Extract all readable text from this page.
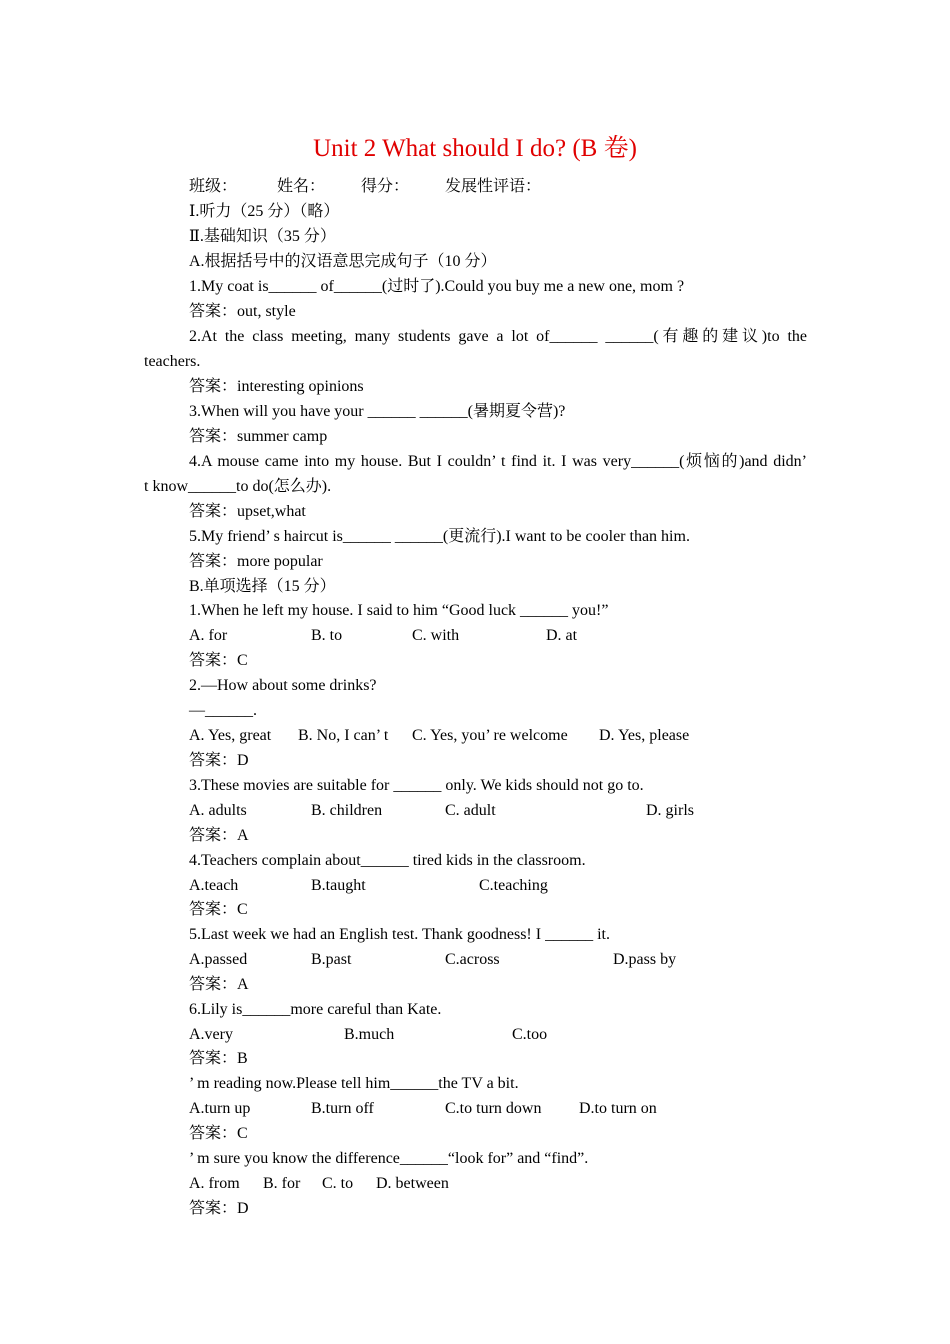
Unit 2 What should I do? (B 卷)
班级： 姓名： 得分： 发展性评语：
Ⅰ.听力（25 分）（略）
Ⅱ.基础知识（35 分）
A.根据括号中的汉语意思完成句子（10 分）
1.My coat is______ of______(过时了).Could you buy me a new one, mom ?
答案：out, style
2.At the class meeting, many students gave a lot of______ ______(有趣的建议)to the
teachers.
答案：interesting opinions
3.When will you have your ______ ______(暑期夏令营)?
答案：summer camp
4.A mouse came into my house. But I couldn’ t find it. I was very______(烦恼的)and didn’
t know______to do(怎么办).
答案：upset,what
5.My friend’ s haircut is______ ______(更流行).I want to be cooler than him.
答案：more popular
B.单项选择（15 分）
1.When he left my house. I said to him “Good luck ______ you!”
A. for	B. to	C. with	D. at
答案：C
2.—How about some drinks?
—______.
A. Yes, great B. No, I can’ t C. Yes, you’ re welcome D. Yes, please
答案：D
3.These movies are suitable for ______ only. We kids should not go to.
A. adults	B. children	C. adult	D. girls
答案：A
4.Teachers complain about______ tired kids in the classroom.
A.teach	B.taught	C.teaching
答案：C
5.Last week we had an English test. Thank goodness! I ______ it.
A.passed	B.past	C.across	D.pass by
答案：A
6.Lily is______more careful than Kate.
A.very	B.much	C.too
答案：B
’ m reading now.Please tell him______the TV a bit.
A.turn up	B.turn off	C.to turn down D.to turn on
答案：C
’ m sure you know the difference______“look for” and “find”.
A. from B. for C. to D. between
答案：D
